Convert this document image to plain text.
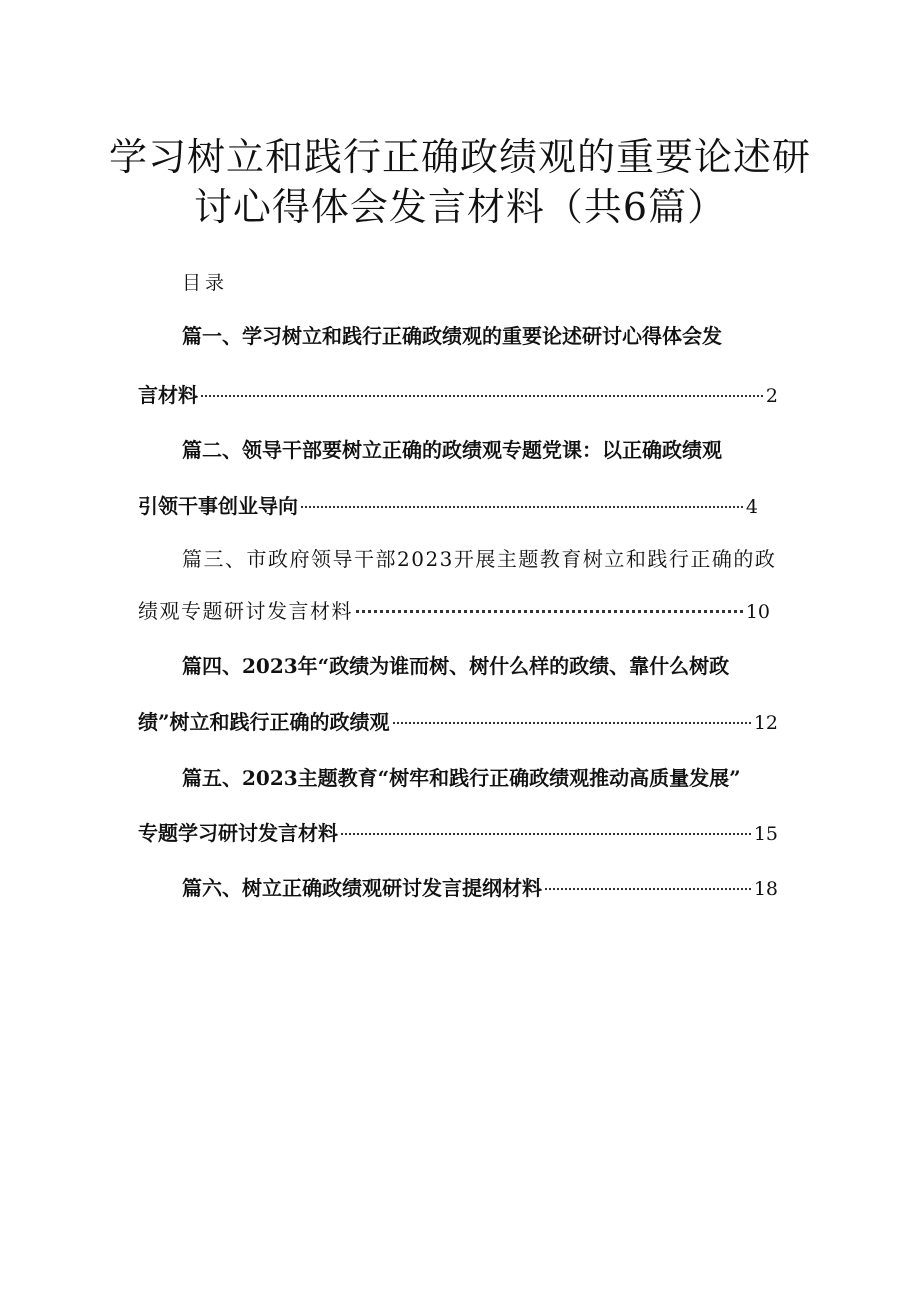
学习树立和践行正确政绩观的重要论述研
讨心得体会发言材料（共6篇）
目录
篇一、学习树立和践行正确政绩观的重要论述研讨心得体会发
言材料	2
篇二、领导干部要树立正确的政绩观专题党课：以正确政绩观
引领干事创业导向	4
篇三、市政府领导干部2023开展主题教育树立和践行正确的政
绩观专题研讨发言材料	10
篇四、2023年“政绩为谁而树、树什么样的政绩、靠什么树政
绩”树立和践行正确的政绩观	12
篇五、2023主题教育“树牢和践行正确政绩观推动高质量发展”
专题学习研讨发言材料	15
篇六、树立正确政绩观研讨发言提纲材料	18
